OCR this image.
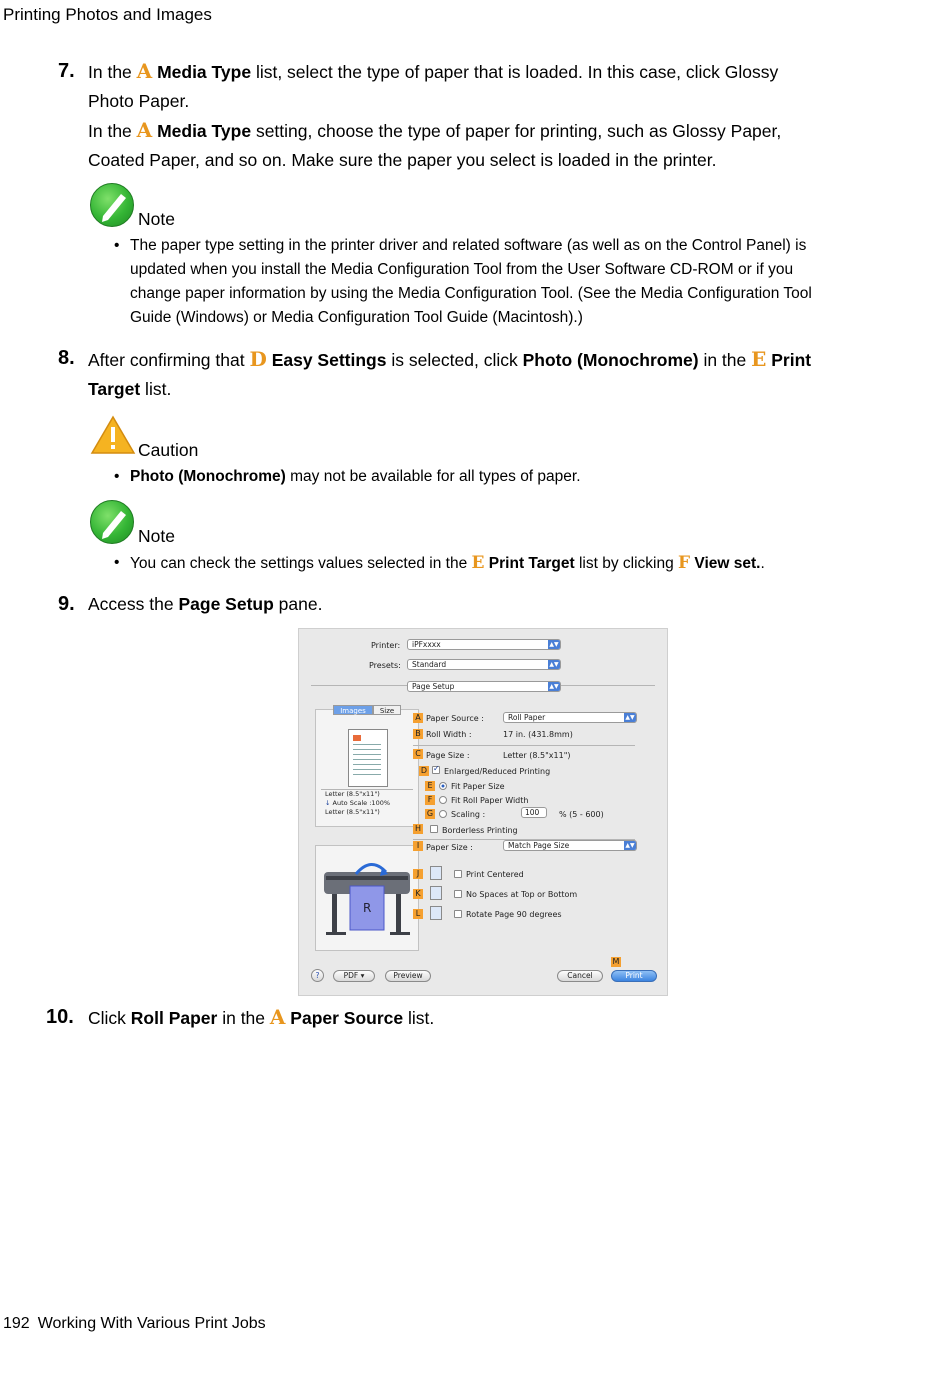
Printing Photos and Images
7. In the A Media Type list, select the type of paper that is loaded. In this case, click Glossy
Photo Paper.
In the A Media Type setting, choose the type of paper for printing, such as Glossy Paper,
Coated Paper, and so on. Make sure the paper you select is loaded in the printer.
Note
• The paper type setting in the printer driver and related software (as well as on the Control Panel) is
updated when you install the Media Configuration Tool from the User Software CD-ROM or if you
change paper information by using the Media Configuration Tool. (See the Media Configuration Tool
Guide (Windows) or Media Configuration Tool Guide (Macintosh).)
8. After confirming that D Easy Settings is selected, click Photo (Monochrome) in the E Print
Target list.
Caution
• Photo (Monochrome) may not be available for all types of paper.
Note
• You can check the settings values selected in the E Print Target list by clicking F View set..
9. Access the Page Setup pane.
Printer:	iPFxxxx	▲▼
Presets:	Standard	▲▼
Page Setup	▲▼
Images	Size
Letter (8.5"x11")
↓ Auto Scale :100%
Letter (8.5"x11")
R
A Paper Source :	Roll Paper	▲▼
B Roll Width :	17 in. (431.8mm)
C Page Size :	Letter (8.5"x11")
D
✓ Enlarged/Reduced Printing
E	Fit Paper Size
F	Fit Roll Paper Width
G Scaling :	100	% (5 - 600)
H	Borderless Printing
I Paper Size :	Match Page Size	▲▼
J	Print Centered
K	No Spaces at Top or Bottom
L	Rotate Page 90 degrees
?	PDF ▾	Preview	Cancel
M
Print
10. Click Roll Paper in the A Paper Source list.
192 Working With Various Print Jobs
